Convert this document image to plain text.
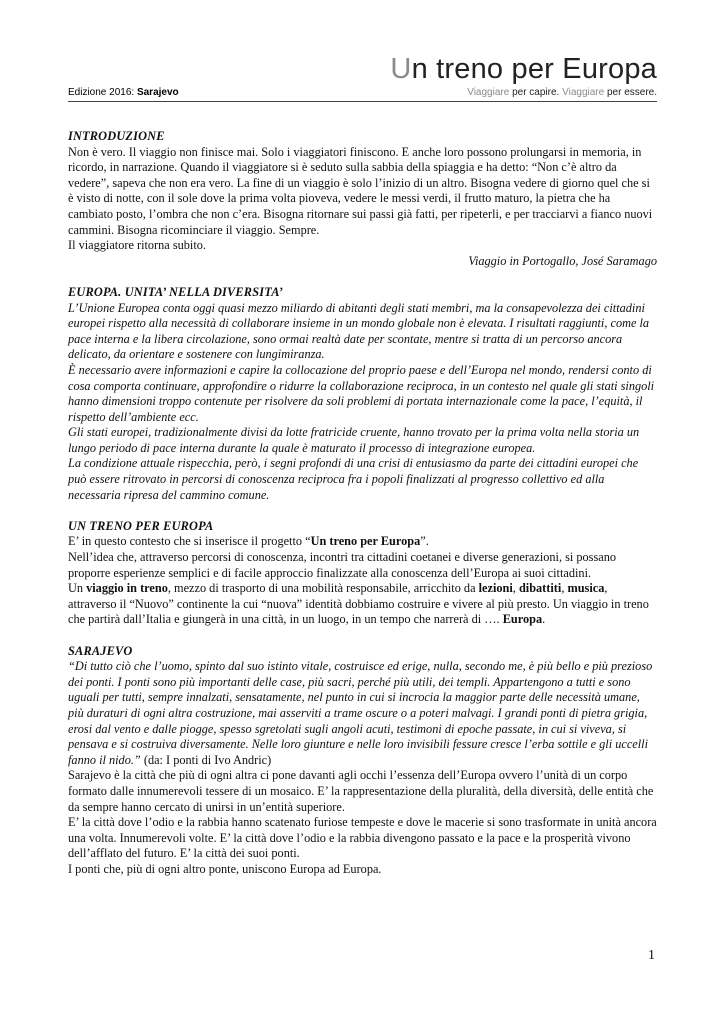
Un treno per Europa
Edizione 2016: Sarajevo	Viaggiare per capire. Viaggiare per essere.
INTRODUZIONE

Non è vero. Il viaggio non finisce mai. Solo i viaggiatori finiscono. E anche loro possono prolungarsi in memoria, in ricordo, in narrazione. Quando il viaggiatore si è seduto sulla sabbia della spiaggia e ha detto: “Non c’è altro da vedere”, sapeva che non era vero. La fine di un viaggio è solo l’inizio di un altro. Bisogna vedere di giorno quel che si è visto di notte, con il sole dove la prima volta pioveva, vedere le messi verdi, il frutto maturo, la pietra che ha cambiato posto, l’ombra che non c’era. Bisogna ritornare sui passi già fatti, per ripeterli, e per tracciarvi a fianco nuovi cammini. Bisogna ricominciare il viaggio. Sempre.

Il viaggiatore ritorna subito.

Viaggio in Portogallo, José Saramago

EUROPA. UNITA’ NELLA DIVERSITA’

L’Unione Europea conta oggi quasi mezzo miliardo di abitanti degli stati membri, ma la consapevolezza dei cittadini europei rispetto alla necessità di collaborare insieme in un mondo globale non è elevata. I risultati raggiunti, come la pace interna e la libera circolazione, sono ormai realtà date per scontate, mentre si tratta di un percorso ancora delicato, da orientare e sostenere con lungimiranza.

È necessario avere informazioni e capire la collocazione del proprio paese e dell’Europa nel mondo, rendersi conto di cosa comporta continuare, approfondire o ridurre la collaborazione reciproca, in un contesto nel quale gli stati singoli hanno dimensioni troppo contenute per risolvere da soli problemi di portata internazionale come la pace, l’equità, il rispetto dell’ambiente ecc.

Gli stati europei, tradizionalmente divisi da lotte fratricide cruente, hanno trovato per la prima volta nella storia un lungo periodo di pace interna durante la quale è maturato il processo di integrazione europea.

La condizione attuale rispecchia, però, i segni profondi di una crisi di entusiasmo da parte dei cittadini europei che può essere ritrovato in percorsi di conoscenza reciproca fra i popoli finalizzati al progresso collettivo ed alla necessaria ripresa del cammino comune.

UN TRENO PER EUROPA

E’ in questo contesto che si inserisce il progetto “Un treno per Europa”.

Nell’idea che, attraverso percorsi di conoscenza, incontri tra cittadini coetanei e diverse generazioni, si possano proporre esperienze semplici e di facile approccio finalizzate alla conoscenza dell’Europa ai suoi cittadini.

Un viaggio in treno, mezzo di trasporto di una mobilità responsabile, arricchito da lezioni, dibattiti, musica, attraverso il “Nuovo” continente la cui “nuova” identità dobbiamo costruire e vivere al più presto. Un viaggio in treno che partirà dall’Italia e giungerà in una città, in un luogo, in un tempo che narrerà di …. Europa.

SARAJEVO

“Di tutto ciò che l’uomo, spinto dal suo istinto vitale, costruisce ed erige, nulla, secondo me, è più bello e più prezioso dei ponti. I ponti sono più importanti delle case, più sacri, perché più utili, dei templi. Appartengono a tutti e sono uguali per tutti, sempre innalzati, sensatamente, nel punto in cui si incrocia la maggior parte delle necessità umane, più duraturi di ogni altra costruzione, mai asserviti a trame oscure o a poteri malvagi. I grandi ponti di pietra grigia, erosi dal vento e dalle piogge, spesso sgretolati sugli angoli acuti, testimoni di epoche passate, in cui si viveva, si pensava e si costruiva diversamente. Nelle loro giunture e nelle loro invisibili fessure cresce l’erba sottile e gli uccelli fanno il nido.” (da: I ponti di Ivo Andric)

Sarajevo è la città che più di ogni altra ci pone davanti agli occhi l’essenza dell’Europa ovvero l’unità di un corpo formato dalle innumerevoli tessere di un mosaico. E’ la rappresentazione della pluralità, della diversità, delle entità che da sempre hanno cercato di unirsi in un’entità superiore.

E’ la città dove l’odio e la rabbia hanno scatenato furiose tempeste e dove le macerie si sono trasformate in unità ancora una volta. Innumerevoli volte. E’ la città dove l’odio e la rabbia divengono passato e la pace e la prosperità vivono dell’afflato del futuro. E’ la città dei suoi ponti.

I ponti che, più di ogni altro ponte, uniscono Europa ad Europa.

1
